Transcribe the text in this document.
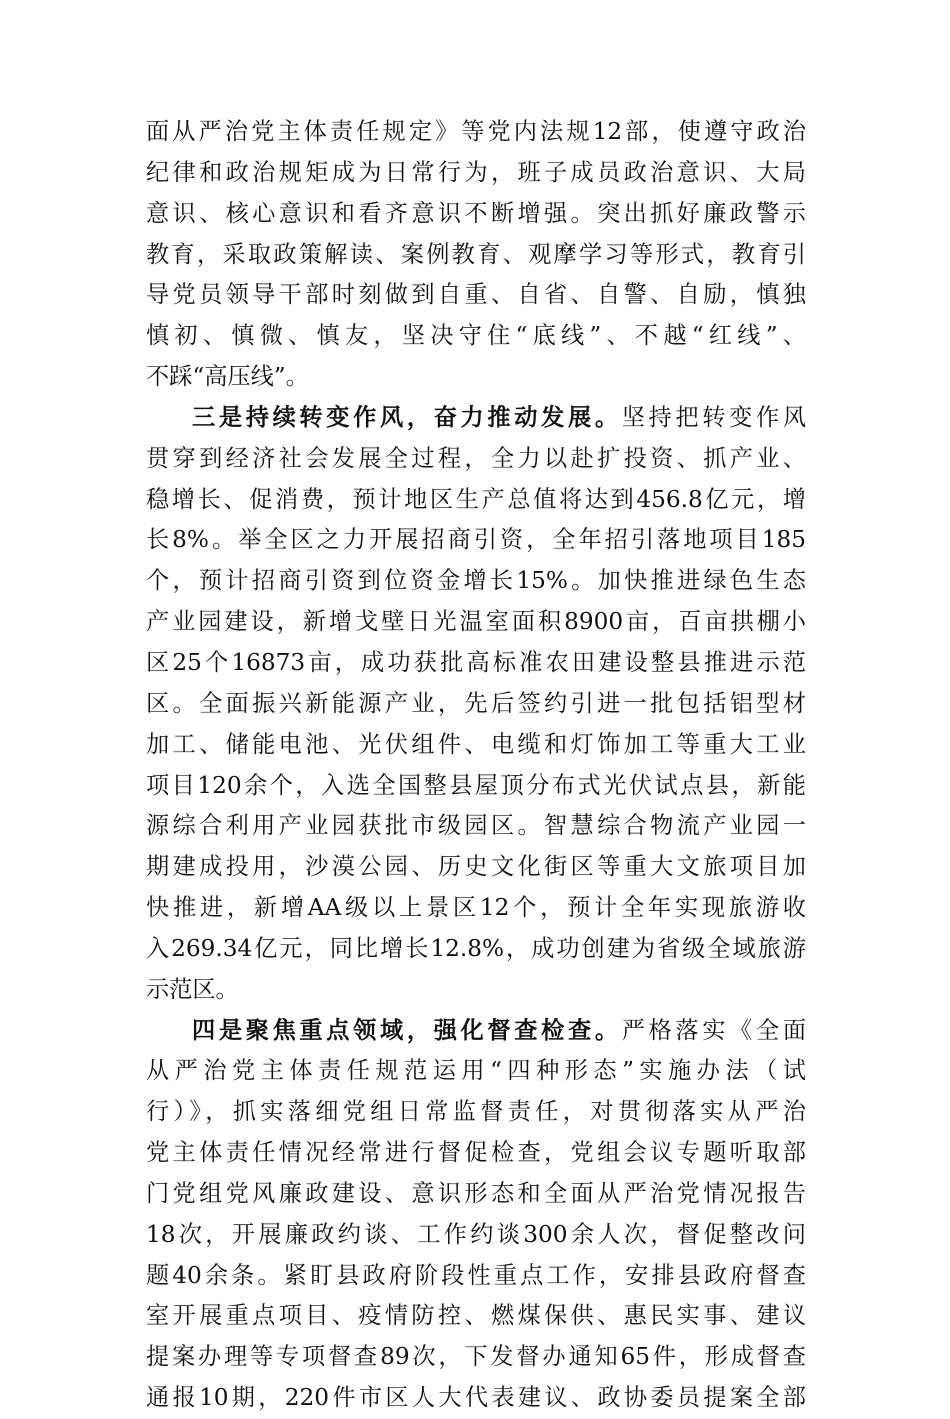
面从严治党主体责任规定》等党内法规12部，使遵守政治
纪律和政治规矩成为日常行为，班子成员政治意识、大局
意识、核心意识和看齐意识不断增强。突出抓好廉政警示
教育，采取政策解读、案例教育、观摩学习等形式，教育引
导党员领导干部时刻做到自重、自省、自警、自励，慎独
慎初、慎微、慎友，坚决守住“底线”、不越“红线”、
不踩“高压线”。
三是持续转变作风，奋力推动发展。坚持把转变作风
贯穿到经济社会发展全过程，全力以赴扩投资、抓产业、
稳增长、促消费，预计地区生产总值将达到456.8亿元，增
长8%。举全区之力开展招商引资，全年招引落地项目185
个，预计招商引资到位资金增长15%。加快推进绿色生态
产业园建设，新增戈壁日光温室面积8900亩，百亩拱棚小
区25个16873亩，成功获批高标准农田建设整县推进示范
区。全面振兴新能源产业，先后签约引进一批包括铝型材
加工、储能电池、光伏组件、电缆和灯饰加工等重大工业
项目120余个，入选全国整县屋顶分布式光伏试点县，新能
源综合利用产业园获批市级园区。智慧综合物流产业园一
期建成投用，沙漠公园、历史文化街区等重大文旅项目加
快推进，新增AA级以上景区12个，预计全年实现旅游收
入269.34亿元，同比增长12.8%，成功创建为省级全域旅游
示范区。
四是聚焦重点领域，强化督查检查。严格落实《全面
从严治党主体责任规范运用“四种形态”实施办法（试
行）》，抓实落细党组日常监督责任，对贯彻落实从严治
党主体责任情况经常进行督促检查，党组会议专题听取部
门党组党风廉政建设、意识形态和全面从严治党情况报告
18次，开展廉政约谈、工作约谈300余人次，督促整改问
题40余条。紧盯县政府阶段性重点工作，安排县政府督查
室开展重点项目、疫情防控、燃煤保供、惠民实事、建议
提案办理等专项督查89次，下发督办通知65件，形成督查
通报10期，220件市区人大代表建议、政协委员提案全部
